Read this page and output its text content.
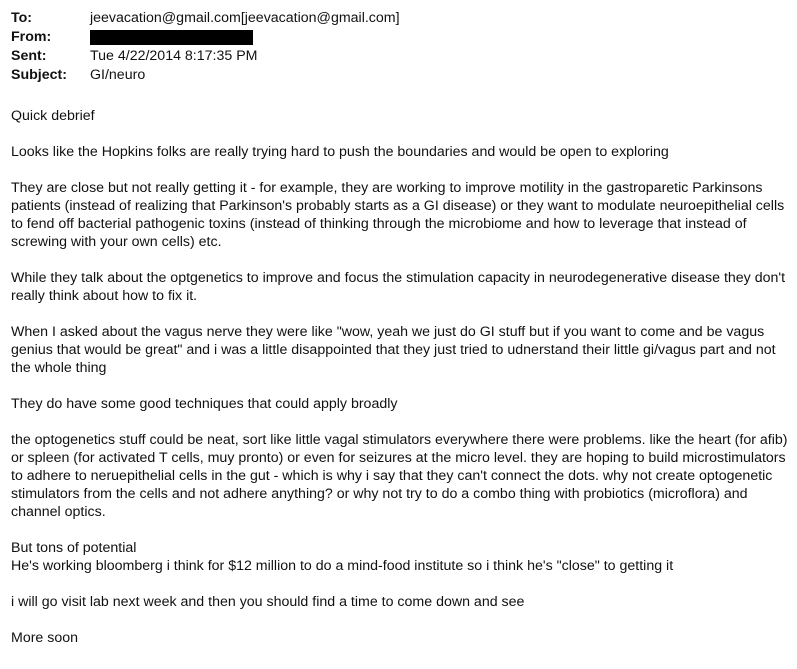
To:	jeevacation@gmail.com[jeevacation@gmail.com]
From:
Sent:	Tue 4/22/2014 8:17:35 PM
Subject:	GI/neuro

Quick debrief

Looks like the Hopkins folks are really trying hard to push the boundaries and would be open to exploring

They are close but not really getting it - for example, they are working to improve motility in the gastroparetic Parkinsons patients (instead of realizing that Parkinson's probably starts as a GI disease) or they want to modulate neuroepithelial cells to fend off bacterial pathogenic toxins (instead of thinking through the microbiome and how to leverage that instead of screwing with your own cells) etc.

While they talk about the optgenetics to improve and focus the stimulation capacity in neurodegenerative disease they don't really think about how to fix it.

When I asked about the vagus nerve they were like "wow, yeah we just do GI stuff but if you want to come and be vagus genius that would be great" and i was a little disappointed that they just tried to udnerstand their little gi/vagus part and not the whole thing

They do have some good techniques that could apply broadly

the optogenetics stuff could be neat, sort like little vagal stimulators everywhere there were problems. like the heart (for afib) or spleen (for activated T cells, muy pronto) or even for seizures at the micro level. they are hoping to build microstimulators to adhere to neruepithelial cells in the gut - which is why i say that they can't connect the dots. why not create optogenetic stimulators from the cells and not adhere anything? or why not try to do a combo thing with probiotics (microflora) and channel optics.

But tons of potential

He's working bloomberg i think for $12 million to do a mind-food institute so i think he's "close" to getting it

i will go visit lab next week and then you should find a time to come down and see

More soon
